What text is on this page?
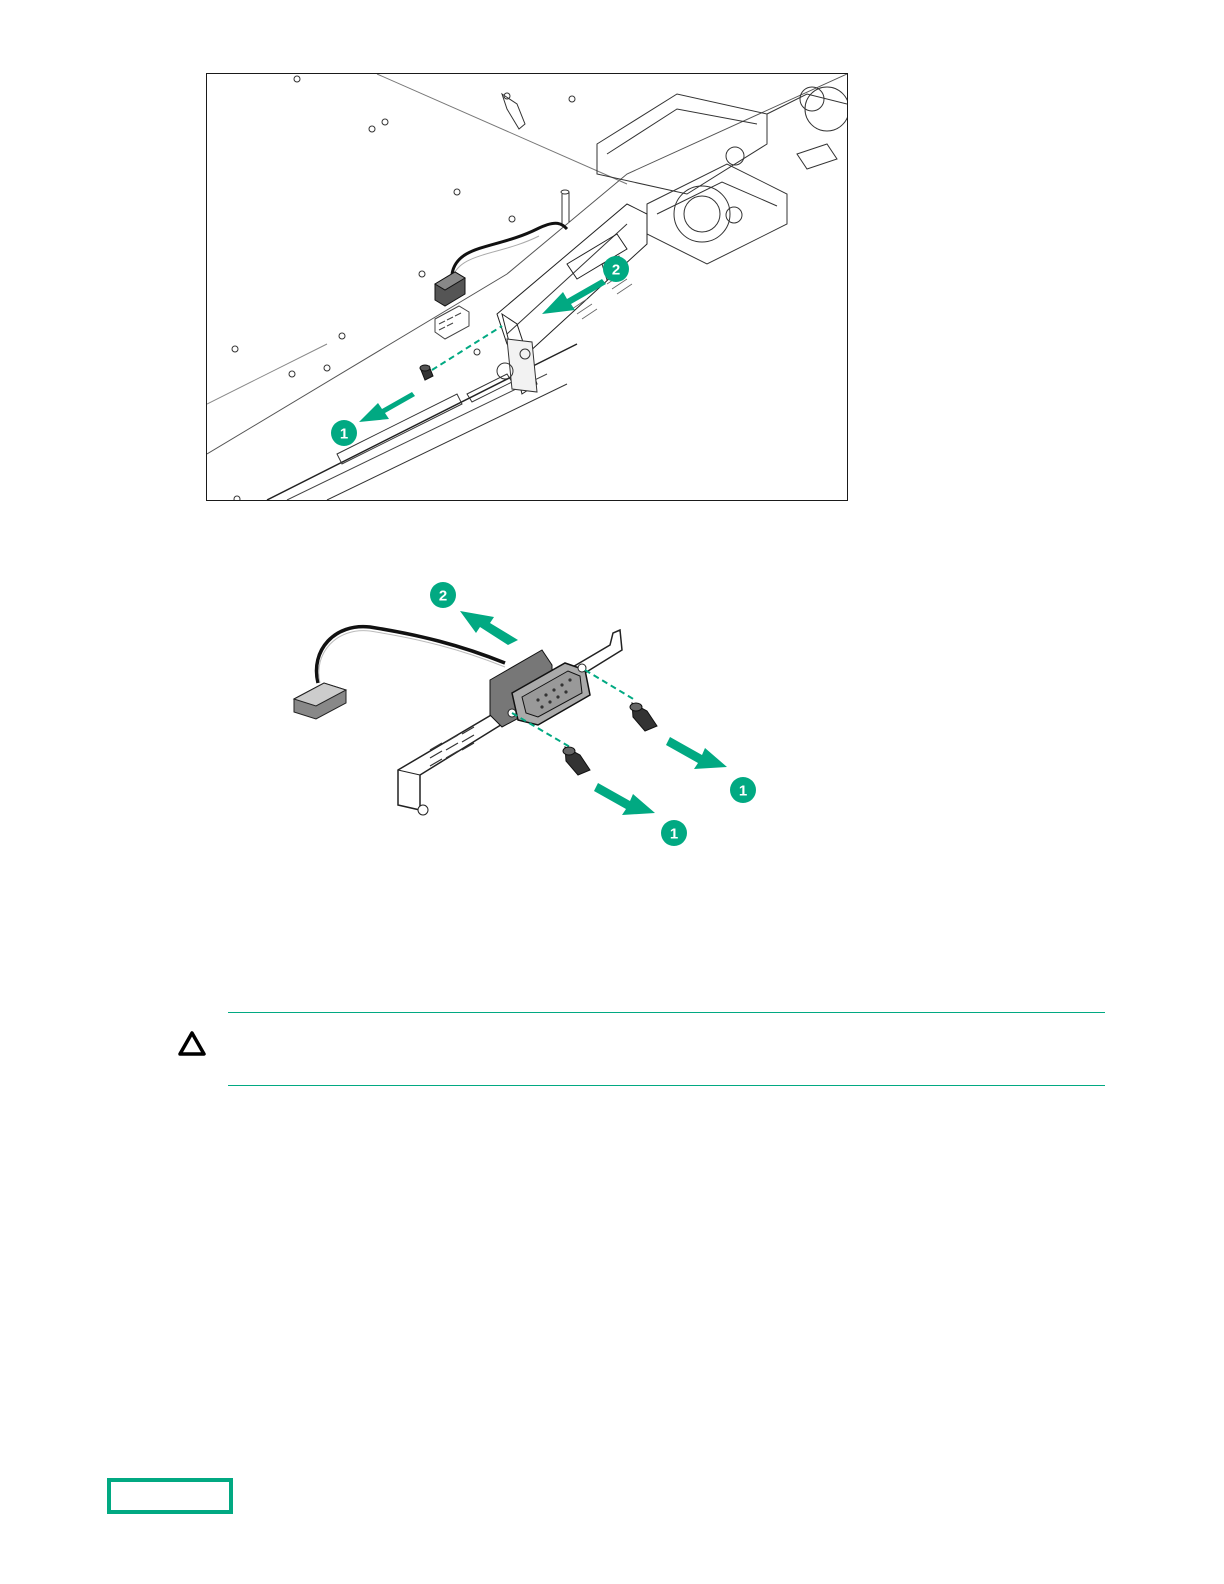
1
2
2
1
1
